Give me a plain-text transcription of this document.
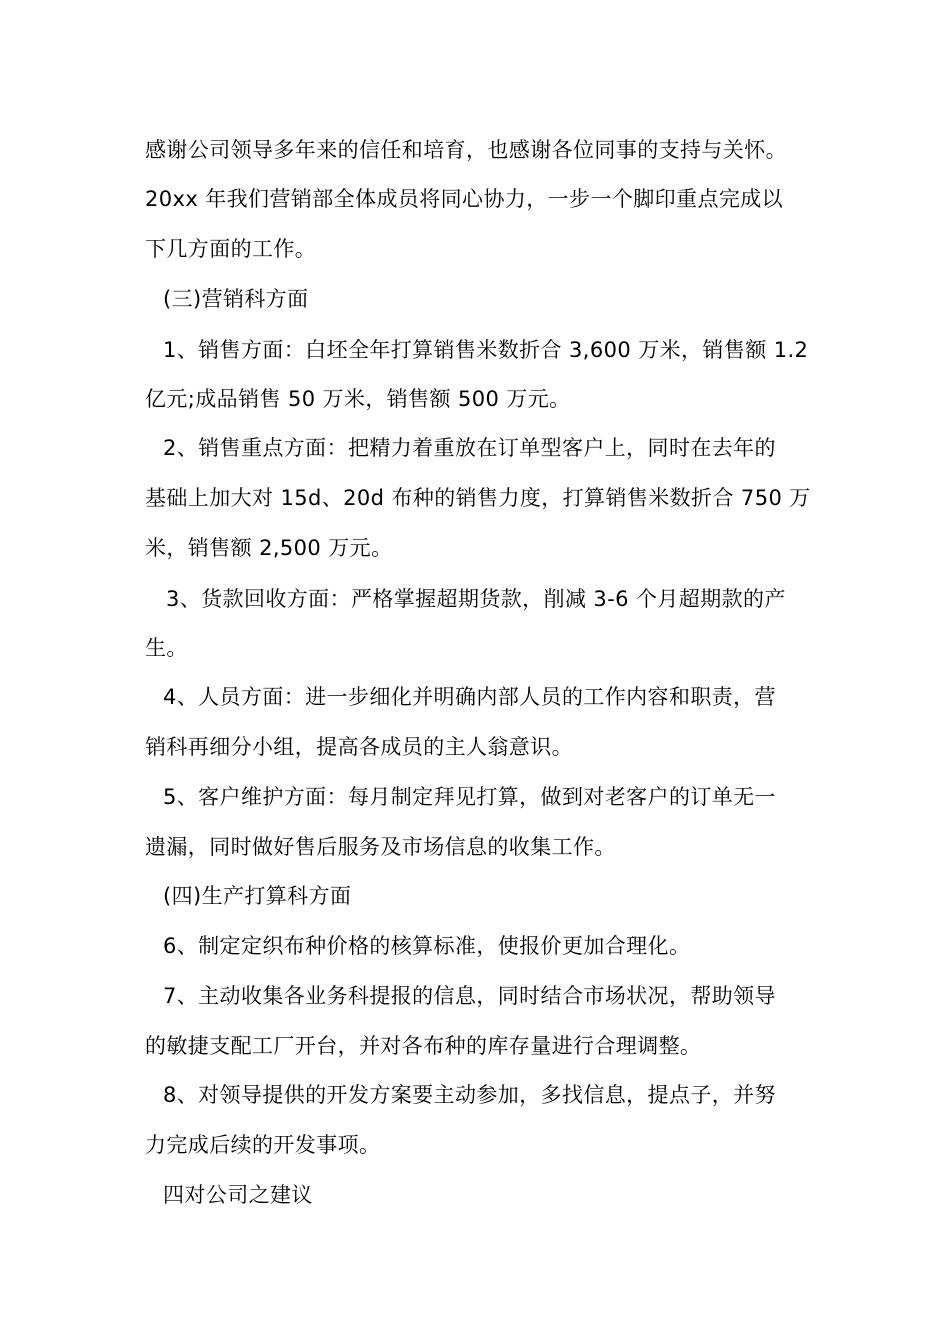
感谢公司领导多年来的信任和培育，也感谢各位同事的支持与关怀。
20xx 年我们营销部全体成员将同心协力，一步一个脚印重点完成以
下几方面的工作。
(三)营销科方面
1、销售方面：白坯全年打算销售米数折合 3,600 万米，销售额 1.2
亿元;成品销售 50 万米，销售额 500 万元。
2、销售重点方面：把精力着重放在订单型客户上，同时在去年的
基础上加大对 15d、20d 布种的销售力度，打算销售米数折合 750 万
米，销售额 2,500 万元。
3、货款回收方面：严格掌握超期货款，削减 3-6 个月超期款的产
生。
4、人员方面：进一步细化并明确内部人员的工作内容和职责，营
销科再细分小组，提高各成员的主人翁意识。
5、客户维护方面：每月制定拜见打算，做到对老客户的订单无一
遗漏，同时做好售后服务及市场信息的收集工作。
(四)生产打算科方面
6、制定定织布种价格的核算标准，使报价更加合理化。
7、主动收集各业务科提报的信息，同时结合市场状况，帮助领导
的敏捷支配工厂开台，并对各布种的库存量进行合理调整。
8、对领导提供的开发方案要主动参加，多找信息，提点子，并努
力完成后续的开发事项。
四对公司之建议
